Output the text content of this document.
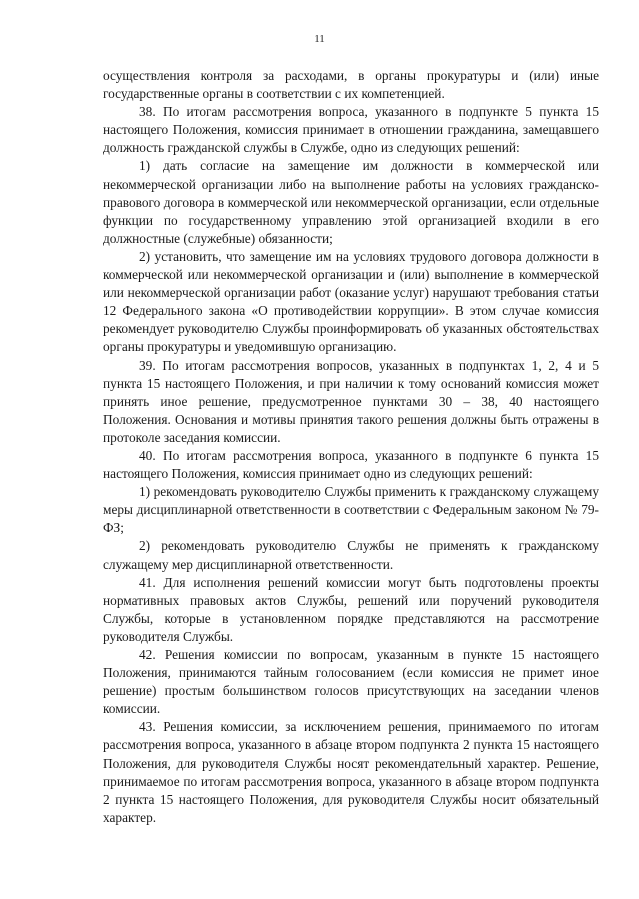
11

осуществления контроля за расходами, в органы прокуратуры и (или) иные государственные органы в соответствии с их компетенцией.

38. По итогам рассмотрения вопроса, указанного в подпункте 5 пункта 15 настоящего Положения, комиссия принимает в отношении гражданина, замещавшего должность гражданской службы в Службе, одно из следующих решений:

1) дать согласие на замещение им должности в коммерческой или некоммерческой организации либо на выполнение работы на условиях гражданско-правового договора в коммерческой или некоммерческой организации, если отдельные функции по государственному управлению этой организацией входили в его должностные (служебные) обязанности;

2) установить, что замещение им на условиях трудового договора должности в коммерческой или некоммерческой организации и (или) выполнение в коммерческой или некоммерческой организации работ (оказание услуг) нарушают требования статьи 12 Федерального закона «О противодействии коррупции». В этом случае комиссия рекомендует руководителю Службы проинформировать об указанных обстоятельствах органы прокуратуры и уведомившую организацию.

39. По итогам рассмотрения вопросов, указанных в подпунктах 1, 2, 4 и 5 пункта 15 настоящего Положения, и при наличии к тому оснований комиссия может принять иное решение, предусмотренное пунктами 30 – 38, 40 настоящего Положения. Основания и мотивы принятия такого решения должны быть отражены в протоколе заседания комиссии.

40. По итогам рассмотрения вопроса, указанного в подпункте 6 пункта 15 настоящего Положения, комиссия принимает одно из следующих решений:

1) рекомендовать руководителю Службы применить к гражданскому служащему меры дисциплинарной ответственности в соответствии с Федеральным законом № 79-ФЗ;

2) рекомендовать руководителю Службы не применять к гражданскому служащему мер дисциплинарной ответственности.

41. Для исполнения решений комиссии могут быть подготовлены проекты нормативных правовых актов Службы, решений или поручений руководителя Службы, которые в установленном порядке представляются на рассмотрение руководителя Службы.

42. Решения комиссии по вопросам, указанным в пункте 15 настоящего Положения, принимаются тайным голосованием (если комиссия не примет иное решение) простым большинством голосов присутствующих на заседании членов комиссии.

43. Решения комиссии, за исключением решения, принимаемого по итогам рассмотрения вопроса, указанного в абзаце втором подпункта 2 пункта 15 настоящего Положения, для руководителя Службы носят рекомендательный характер. Решение, принимаемое по итогам рассмотрения вопроса, указанного в абзаце втором подпункта 2 пункта 15 настоящего Положения, для руководителя Службы носит обязательный характер.
